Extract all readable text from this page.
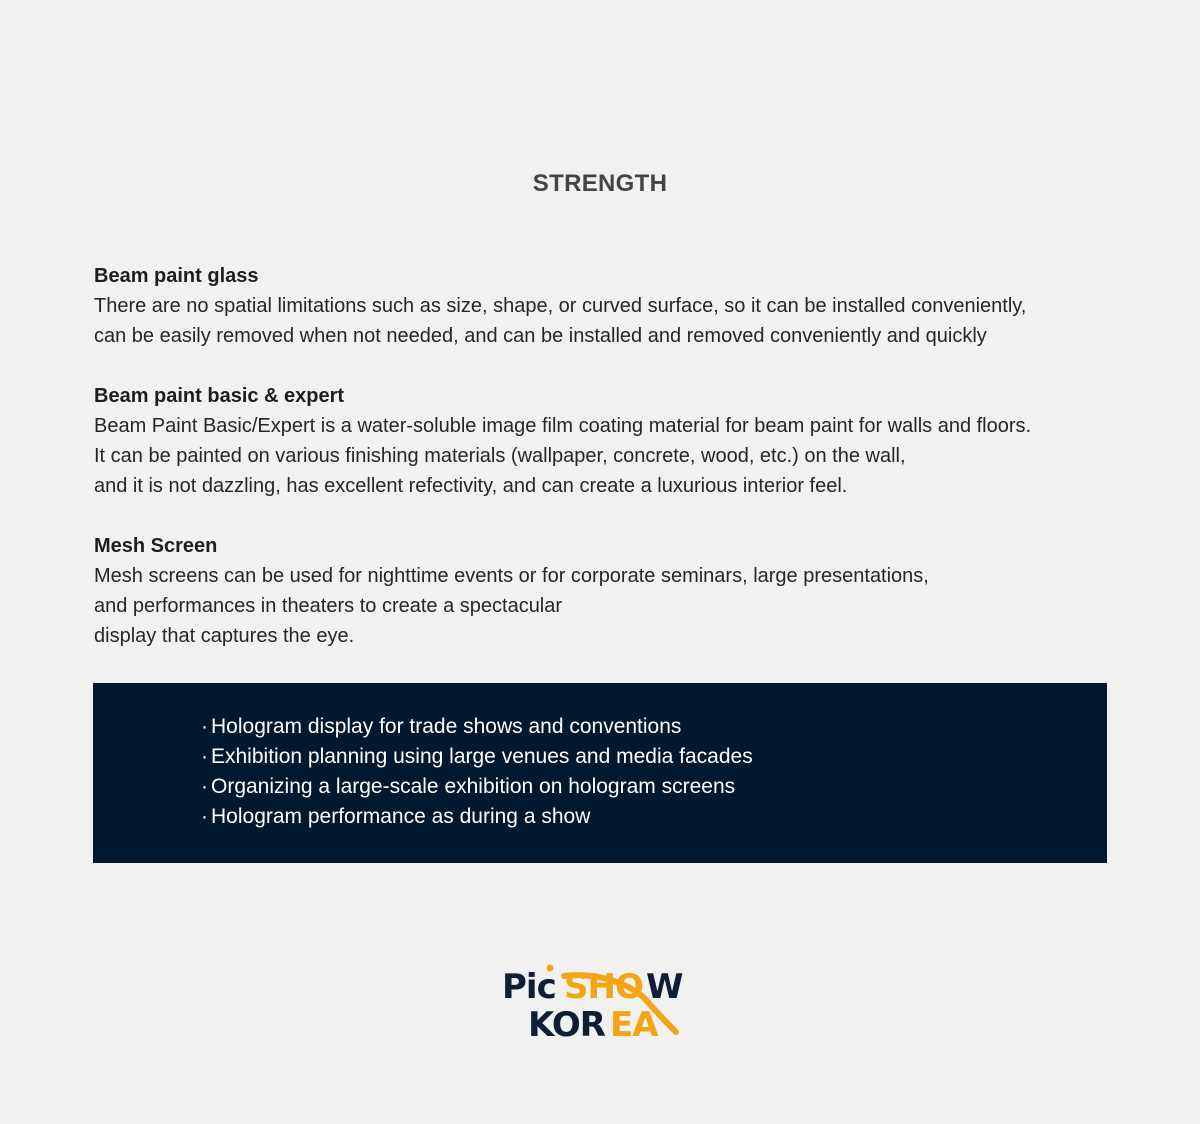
STRENGTH
Beam paint glass
There are no spatial limitations such as size, shape, or curved surface, so it can be installed conveniently,
can be easily removed when not needed, and can be installed and removed conveniently and quickly
Beam paint basic & expert
Beam Paint Basic/Expert is a water-soluble image film coating material for beam paint for walls and floors.
It can be painted on various finishing materials (wallpaper, concrete, wood, etc.) on the wall,
and it is not dazzling, has excellent refectivity, and can create a luxurious interior feel.
Mesh Screen
Mesh screens can be used for nighttime events or for corporate seminars, large presentations,
and performances in theaters to create a spectacular
display that captures the eye.
· Hologram display for trade shows and conventions
· Exhibition planning using large venues and media facades
· Organizing a large-scale exhibition on hologram screens
· Hologram performance as during a show
Pic SHO W
KOR EA
